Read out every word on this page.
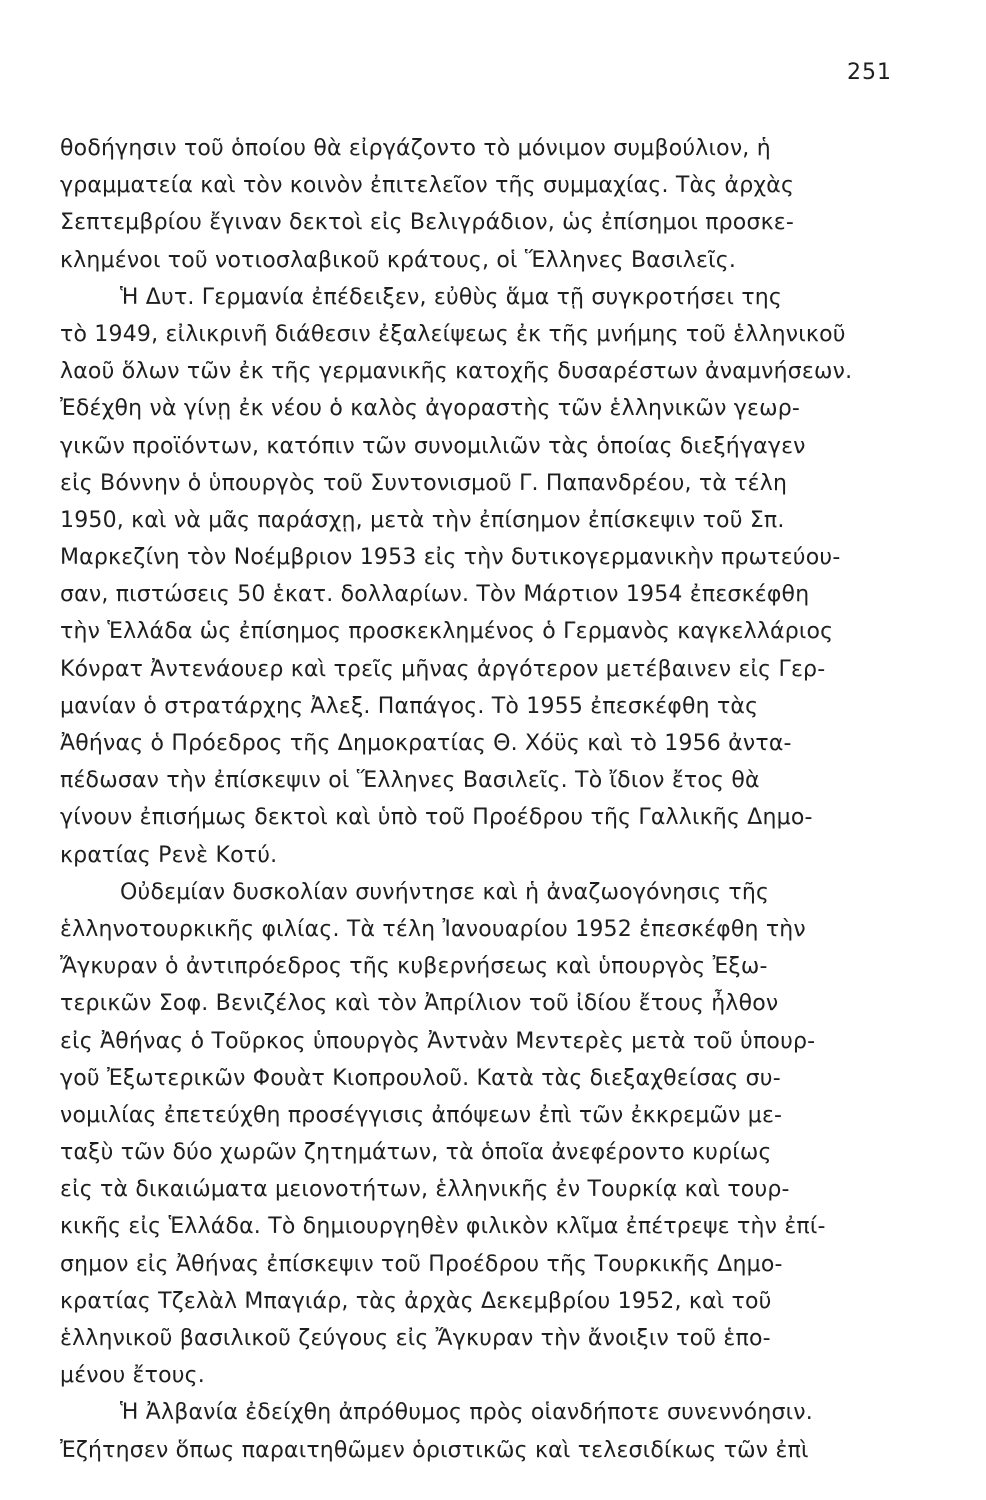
251
θοδήγησιν τοῦ ὁποίου θὰ εἰργάζοντο τὸ μόνιμον συμβούλιον, ἡ
γραμματεία καὶ τὸν κοινὸν ἐπιτελεῖον τῆς συμμαχίας. Τὰς ἀρχὰς
Σεπτεμβρίου ἔγιναν δεκτοὶ εἰς Βελιγράδιον, ὡς ἐπίσημοι προσκε-
κλημένοι τοῦ νοτιοσλαβικοῦ κράτους, οἱ Ἕλληνες Βασιλεῖς.
Ἡ Δυτ. Γερμανία ἐπέδειξεν, εὐθὺς ἅμα τῇ συγκροτήσει της
τὸ 1949, εἰλικρινῆ διάθεσιν ἐξαλείψεως ἐκ τῆς μνήμης τοῦ ἑλληνικοῦ
λαοῦ ὅλων τῶν ἐκ τῆς γερμανικῆς κατοχῆς δυσαρέστων ἀναμνήσεων.
Ἐδέχθη νὰ γίνῃ ἐκ νέου ὁ καλὸς ἀγοραστὴς τῶν ἑλληνικῶν γεωρ-
γικῶν προϊόντων, κατόπιν τῶν συνομιλιῶν τὰς ὁποίας διεξήγαγεν
εἰς Βόννην ὁ ὑπουργὸς τοῦ Συντονισμοῦ Γ. Παπανδρέου, τὰ τέλη
1950, καὶ νὰ μᾶς παράσχῃ, μετὰ τὴν ἐπίσημον ἐπίσκεψιν τοῦ Σπ.
Μαρκεζίνη τὸν Νοέμβριον 1953 εἰς τὴν δυτικογερμανικὴν πρωτεύου-
σαν, πιστώσεις 50 ἑκατ. δολλαρίων. Τὸν Μάρτιον 1954 ἐπεσκέφθη
τὴν Ἑλλάδα ὡς ἐπίσημος προσκεκλημένος ὁ Γερμανὸς καγκελλάριος
Κόνρατ Ἀντενάουερ καὶ τρεῖς μῆνας ἀργότερον μετέβαινεν εἰς Γερ-
μανίαν ὁ στρατάρχης Ἀλεξ. Παπάγος. Τὸ 1955 ἐπεσκέφθη τὰς
Ἀθήνας ὁ Πρόεδρος τῆς Δημοκρατίας Θ. Χόϋς καὶ τὸ 1956 ἀντα-
πέδωσαν τὴν ἐπίσκεψιν οἱ Ἕλληνες Βασιλεῖς. Τὸ ἴδιον ἔτος θὰ
γίνουν ἐπισήμως δεκτοὶ καὶ ὑπὸ τοῦ Προέδρου τῆς Γαλλικῆς Δημο-
κρατίας Ρενὲ Κοτύ.
Οὐδεμίαν δυσκολίαν συνήντησε καὶ ἡ ἀναζωογόνησις τῆς
ἑλληνοτουρκικῆς φιλίας. Τὰ τέλη Ἰανουαρίου 1952 ἐπεσκέφθη τὴν
Ἄγκυραν ὁ ἀντιπρόεδρος τῆς κυβερνήσεως καὶ ὑπουργὸς Ἐξω-
τερικῶν Σοφ. Βενιζέλος καὶ τὸν Ἀπρίλιον τοῦ ἰδίου ἔτους ἦλθον
εἰς Ἀθήνας ὁ Τοῦρκος ὑπουργὸς Ἀντνὰν Μεντερὲς μετὰ τοῦ ὑπουρ-
γοῦ Ἐξωτερικῶν Φουὰτ Κιοπρουλοῦ. Κατὰ τὰς διεξαχθείσας συ-
νομιλίας ἐπετεύχθη προσέγγισις ἀπόψεων ἐπὶ τῶν ἐκκρεμῶν με-
ταξὺ τῶν δύο χωρῶν ζητημάτων, τὰ ὁποῖα ἀνεφέροντο κυρίως
εἰς τὰ δικαιώματα μειονοτήτων, ἑλληνικῆς ἐν Τουρκίᾳ καὶ τουρ-
κικῆς εἰς Ἑλλάδα. Τὸ δημιουργηθὲν φιλικὸν κλῖμα ἐπέτρεψε τὴν ἐπί-
σημον εἰς Ἀθήνας ἐπίσκεψιν τοῦ Προέδρου τῆς Τουρκικῆς Δημο-
κρατίας Τζελὰλ Μπαγιάρ, τὰς ἀρχὰς Δεκεμβρίου 1952, καὶ τοῦ
ἑλληνικοῦ βασιλικοῦ ζεύγους εἰς Ἄγκυραν τὴν ἄνοιξιν τοῦ ἑπο-
μένου ἔτους.
Ἡ Ἀλβανία ἐδείχθη ἀπρόθυμος πρὸς οἱανδήποτε συνεννόησιν.
Ἐζήτησεν ὅπως παραιτηθῶμεν ὁριστικῶς καὶ τελεσιδίκως τῶν ἐπὶ
